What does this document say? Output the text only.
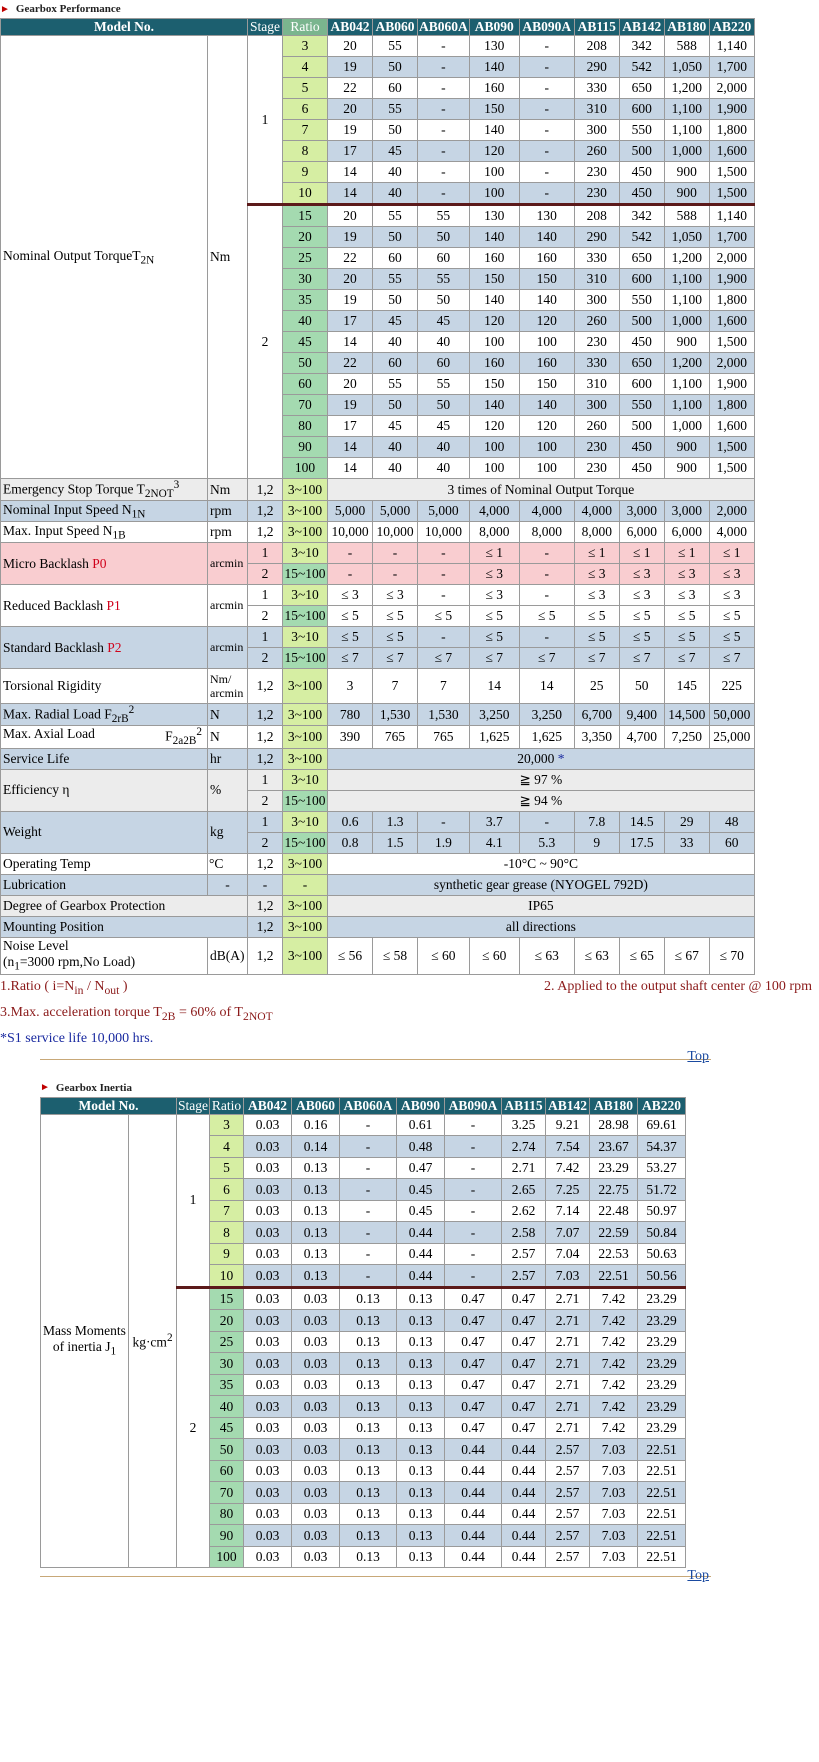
► Gearbox Performance
Model No.		Stage	Ratio	AB042	AB060	AB060A	AB090	AB090A	AB115	AB142	AB180	AB220
Nominal Output TorqueT$_{2N}$	Nm	1	3	20	55	-	130	-	208	342	588	1,140
			4	19	50	-	140	-	290	542	1,050	1,700
			5	22	60	-	160	-	330	650	1,200	2,000
			6	20	55	-	150	-	310	600	1,100	1,900
			7	19	50	-	140	-	300	550	1,100	1,800
			8	17	45	-	120	-	260	500	1,000	1,600
			9	14	40	-	100	-	230	450	900	1,500
			10	14	40	-	100	-	230	450	900	1,500
		2	15	20	55	55	130	130	208	342	588	1,140
			20	19	50	50	140	140	290	542	1,050	1,700
			25	22	60	60	160	160	330	650	1,200	2,000
			30	20	55	55	150	150	310	600	1,100	1,900
			35	19	50	50	140	140	300	550	1,100	1,800
			40	17	45	45	120	120	260	500	1,000	1,600
			45	14	40	40	100	100	230	450	900	1,500
			50	22	60	60	160	160	330	650	1,200	2,000
			60	20	55	55	150	150	310	600	1,100	1,900
			70	19	50	50	140	140	300	550	1,100	1,800
			80	17	45	45	120	120	260	500	1,000	1,600
			90	14	40	40	100	100	230	450	900	1,500
			100	14	40	40	100	100	230	450	900	1,500
Emergency Stop Torque $T_{2NOT}^3$	Nm	1,2	3~100	3 times of Nominal Output Torque								
Nominal Input Speed $N_{1N}$	rpm	1,2	3~100	5,000	5,000	5,000	4,000	4,000	4,000	3,000	3,000	2,000
Max. Input Speed $N_{1B}$	rpm	1,2	3~100	10,000	10,000	10,000	8,000	8,000	8,000	6,000	6,000	4,000
Micro Backlash P0	arcmin	1	3~10	-	-	-	≤ 1	-	≤ 1	≤ 1	≤ 1	≤ 1
		2	15~100	-	-	-	≤ 3	-	≤ 3	≤ 3	≤ 3	≤ 3
Reduced Backlash P1	arcmin	1	3~10	≤ 3	≤ 3	-	≤ 3	-	≤ 3	≤ 3	≤ 3	≤ 3
		2	15~100	≤ 5	≤ 5	≤ 5	≤ 5	≤ 5	≤ 5	≤ 5	≤ 5	≤ 5
Standard Backlash P2	arcmin	1	3~10	≤ 5	≤ 5	-	≤ 5	-	≤ 5	≤ 5	≤ 5	≤ 5
		2	15~100	≤ 7	≤ 7	≤ 7	≤ 7	≤ 7	≤ 7	≤ 7	≤ 7	≤ 7
Torsional Rigidity	Nm/
arcmin	1,2	3~100	3	7	7	14	14	25	50	145	225
Max. Radial Load $F_{2rB}^2$	N	1,2	3~100	780	1,530	1,530	3,250	3,250	6,700	9,400	14,500	50,000
Max. Axial Load $F_{2a2B}^2$	N	1,2	3~100	390	765	765	1,625	1,625	3,350	4,700	7,250	25,000
Service Life	hr	1,2	3~100	20,000 *								
Efficiency η	%	1	3~10	≧ 97 %								
		2	15~100	≧ 94 %								
Weight	kg	1	3~10	0.6	1.3	-	3.7	-	7.8	14.5	29	48
		2	15~100	0.8	1.5	1.9	4.1	5.3	9	17.5	33	60
Operating Temp	°C	1,2	3~100	-10°C ~ 90°C								
Lubrication	-	-	-	synthetic gear grease (NYOGEL 792D)								
Degree of Gearbox Protection		1,2	3~100	IP65								
Mounting Position		1,2	3~100	all directions								
Noise Level
($n_1=3000$ rpm,No Load)	dB(A)	1,2	3~100	≤ 56	≤ 58	≤ 60	≤ 60	≤ 63	≤ 63	≤ 65	≤ 67	≤ 70
1.Ratio ( $i=N_{in} / N_{out}$ )	2. Applied to the output shaft center @ 100 rpm
3.Max. acceleration torque $T_{2B} = 60\%$ of $T_{2NOT}$
*S1 service life 10,000 hrs.
Top
► Gearbox Inertia
Model No.		Stage	Ratio	AB042	AB060	AB060A	AB090	AB090A	AB115	AB142	AB180	AB220
Mass Moments
of inertia $J_1$	$kg\cdot cm^2$	1	3	0.03	0.16	-	0.61	-	3.25	9.21	28.98	69.61
			4	0.03	0.14	-	0.48	-	2.74	7.54	23.67	54.37
			5	0.03	0.13	-	0.47	-	2.71	7.42	23.29	53.27
			6	0.03	0.13	-	0.45	-	2.65	7.25	22.75	51.72
			7	0.03	0.13	-	0.45	-	2.62	7.14	22.48	50.97
			8	0.03	0.13	-	0.44	-	2.58	7.07	22.59	50.84
			9	0.03	0.13	-	0.44	-	2.57	7.04	22.53	50.63
			10	0.03	0.13	-	0.44	-	2.57	7.03	22.51	50.56
		2	15	0.03	0.03	0.13	0.13	0.47	0.47	2.71	7.42	23.29
			20	0.03	0.03	0.13	0.13	0.47	0.47	2.71	7.42	23.29
			25	0.03	0.03	0.13	0.13	0.47	0.47	2.71	7.42	23.29
			30	0.03	0.03	0.13	0.13	0.47	0.47	2.71	7.42	23.29
			35	0.03	0.03	0.13	0.13	0.47	0.47	2.71	7.42	23.29
			40	0.03	0.03	0.13	0.13	0.47	0.47	2.71	7.42	23.29
			45	0.03	0.03	0.13	0.13	0.47	0.47	2.71	7.42	23.29
			50	0.03	0.03	0.13	0.13	0.44	0.44	2.57	7.03	22.51
			60	0.03	0.03	0.13	0.13	0.44	0.44	2.57	7.03	22.51
			70	0.03	0.03	0.13	0.13	0.44	0.44	2.57	7.03	22.51
			80	0.03	0.03	0.13	0.13	0.44	0.44	2.57	7.03	22.51
			90	0.03	0.03	0.13	0.13	0.44	0.44	2.57	7.03	22.51
			100	0.03	0.03	0.13	0.13	0.44	0.44	2.57	7.03	22.51
Top
